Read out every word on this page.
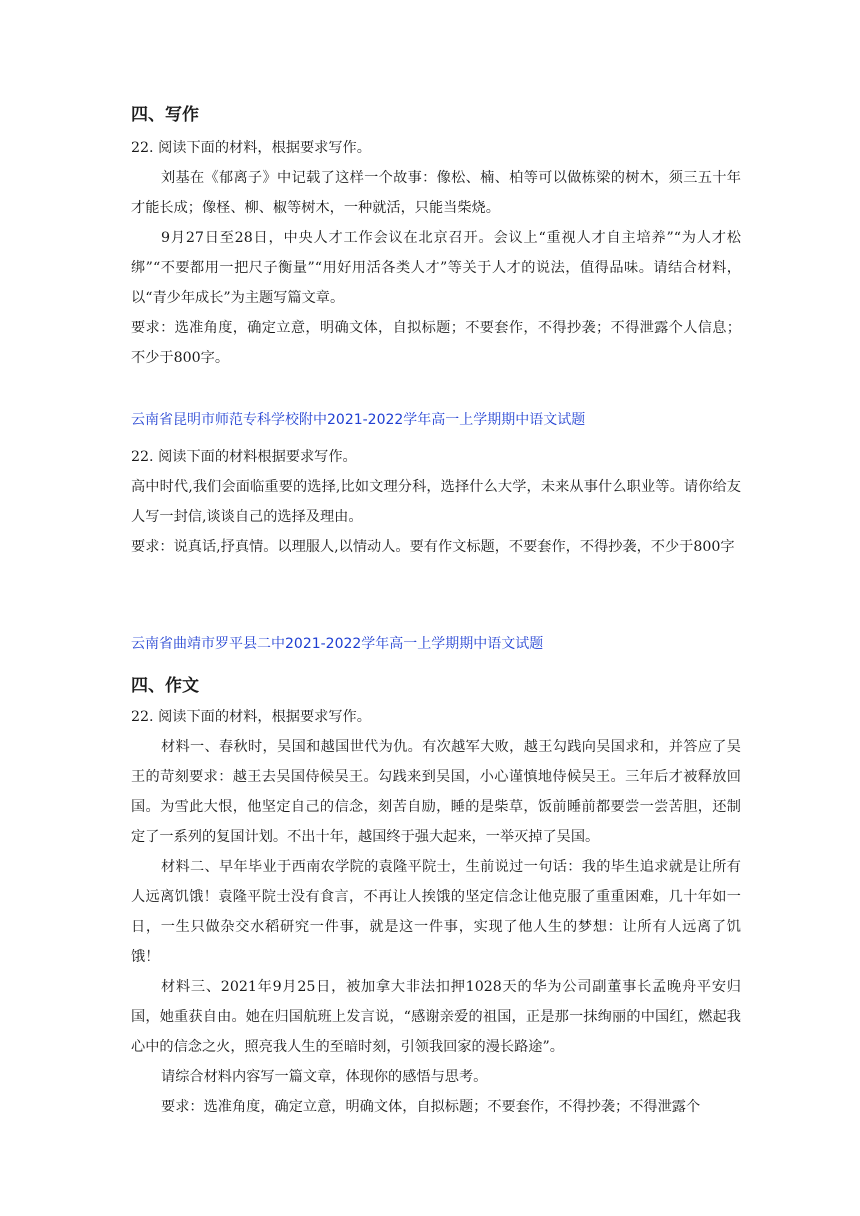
四、写作

22. 阅读下面的材料，根据要求写作。

刘基在《郁离子》中记载了这样一个故事：像松、楠、柏等可以做栋梁的树木，须三五十年才能长成；像柽、柳、椒等树木，一种就活，只能当柴烧。

9月27日至28日，中央人才工作会议在北京召开。会议上“重视人才自主培养”“为人才松绑”“不要都用一把尺子衡量”“用好用活各类人才”等关于人才的说法，值得品味。请结合材料，以“青少年成长”为主题写篇文章。

要求：选准角度，确定立意，明确文体，自拟标题；不要套作，不得抄袭；不得泄露个人信息；不少于800字。

云南省昆明市师范专科学校附中2021-2022学年高一上学期期中语文试题

22. 阅读下面的材料根据要求写作。

高中时代,我们会面临重要的选择,比如文理分科，选择什么大学，未来从事什么职业等。请你给友人写一封信,谈谈自己的选择及理由。

要求：说真话,抒真情。以理服人,以情动人。要有作文标题，不要套作，不得抄袭，不少于800字

云南省曲靖市罗平县二中2021-2022学年高一上学期期中语文试题

四、作文

22. 阅读下面的材料，根据要求写作。

材料一、春秋时，吴国和越国世代为仇。有次越军大败，越王勾践向吴国求和，并答应了吴王的苛刻要求：越王去吴国侍候吴王。勾践来到吴国，小心谨慎地侍候吴王。三年后才被释放回国。为雪此大恨，他坚定自己的信念，刻苦自励，睡的是柴草，饭前睡前都要尝一尝苦胆，还制定了一系列的复国计划。不出十年，越国终于强大起来，一举灭掉了吴国。

材料二、早年毕业于西南农学院的袁隆平院士，生前说过一句话：我的毕生追求就是让所有人远离饥饿！袁隆平院士没有食言，不再让人挨饿的坚定信念让他克服了重重困难，几十年如一日，一生只做杂交水稻研究一件事，就是这一件事，实现了他人生的梦想：让所有人远离了饥饿！

材料三、2021年9月25日，被加拿大非法扣押1028天的华为公司副董事长孟晚舟平安归国，她重获自由。她在归国航班上发言说，“感谢亲爱的祖国，正是那一抹绚丽的中国红，燃起我心中的信念之火，照亮我人生的至暗时刻，引领我回家的漫长路途”。

请综合材料内容写一篇文章，体现你的感悟与思考。

要求：选准角度，确定立意，明确文体，自拟标题；不要套作，不得抄袭；不得泄露个
